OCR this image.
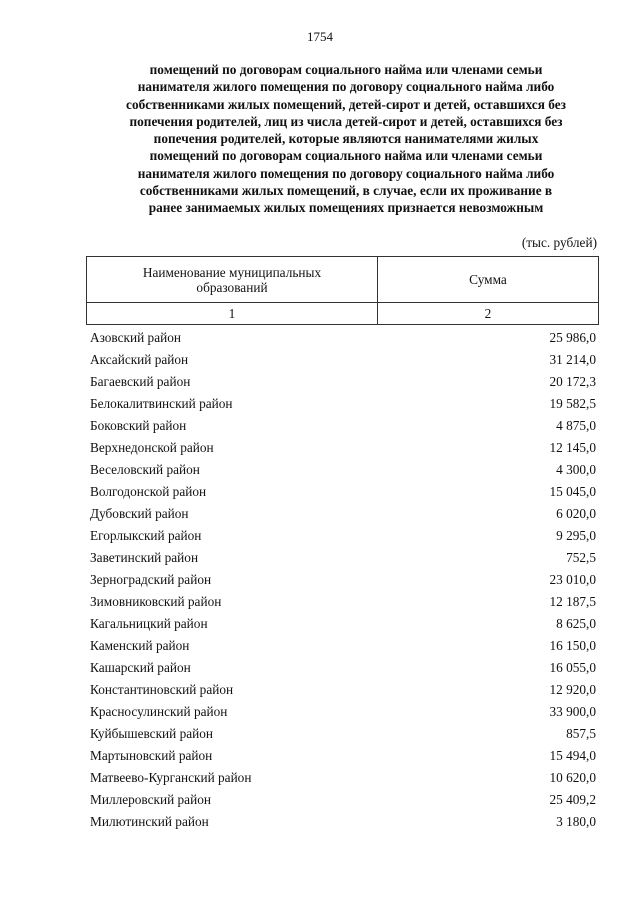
1754
помещений по договорам социального найма или членами семьи
нанимателя жилого помещения по договору социального найма либо
собственниками жилых помещений, детей-сирот и детей, оставшихся без
попечения родителей, лиц из числа детей-сирот и детей, оставшихся без
попечения родителей, которые являются нанимателями жилых
помещений по договорам социального найма или членами семьи
нанимателя жилого помещения по договору социального найма либо
собственниками жилых помещений, в случае, если их проживание в
ранее занимаемых жилых помещениях признается невозможным
(тыс. рублей)
Наименование муниципальных
образований	Сумма
1	2
Азовский район	25 986,0
Аксайский район	31 214,0
Багаевский район	20 172,3
Белокалитвинский район	19 582,5
Боковский район	4 875,0
Верхнедонской район	12 145,0
Веселовский район	4 300,0
Волгодонской район	15 045,0
Дубовский район	6 020,0
Егорлыкский район	9 295,0
Заветинский район	752,5
Зерноградский район	23 010,0
Зимовниковский район	12 187,5
Кагальницкий район	8 625,0
Каменский район	16 150,0
Кашарский район	16 055,0
Константиновский район	12 920,0
Красносулинский район	33 900,0
Куйбышевский район	857,5
Мартыновский район	15 494,0
Матвеево-Курганский район	10 620,0
Миллеровский район	25 409,2
Милютинский район	3 180,0
